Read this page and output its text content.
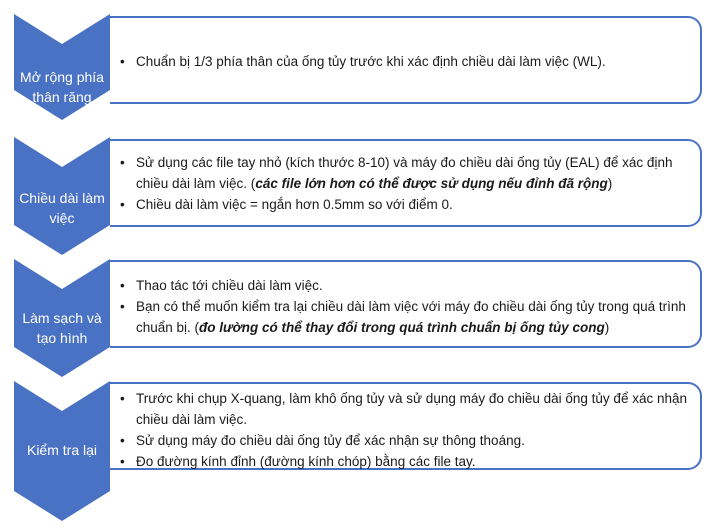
Mở rộng phía thân răng
• Chuẩn bị 1/3 phía thân của ống tủy trước khi xác định chiều dài làm việc (WL).
Chiều dài làm việc
• Sử dụng các file tay nhỏ (kích thước 8-10) và máy đo chiều dài ống tủy (EAL) để xác định chiều dài làm việc. (các file lớn hơn có thể được sử dụng nếu đỉnh đã rộng)
• Chiều dài làm việc = ngắn hơn 0.5mm so với điểm 0.
Làm sạch và tạo hình
• Thao tác tới chiều dài làm việc.
• Bạn có thể muốn kiểm tra lại chiều dài làm việc với máy đo chiều dài ống tủy trong quá trình chuẩn bị. (đo lường có thể thay đổi trong quá trình chuẩn bị ống tủy cong)
Kiểm tra lại
• Trước khi chụp X-quang, làm khô ống tủy và sử dụng máy đo chiều dài ống tủy để xác nhận chiều dài làm việc.
• Sử dụng máy đo chiều dài ống tủy để xác nhận sự thông thoáng.
• Đo đường kính đỉnh (đường kính chóp) bằng các file tay.
